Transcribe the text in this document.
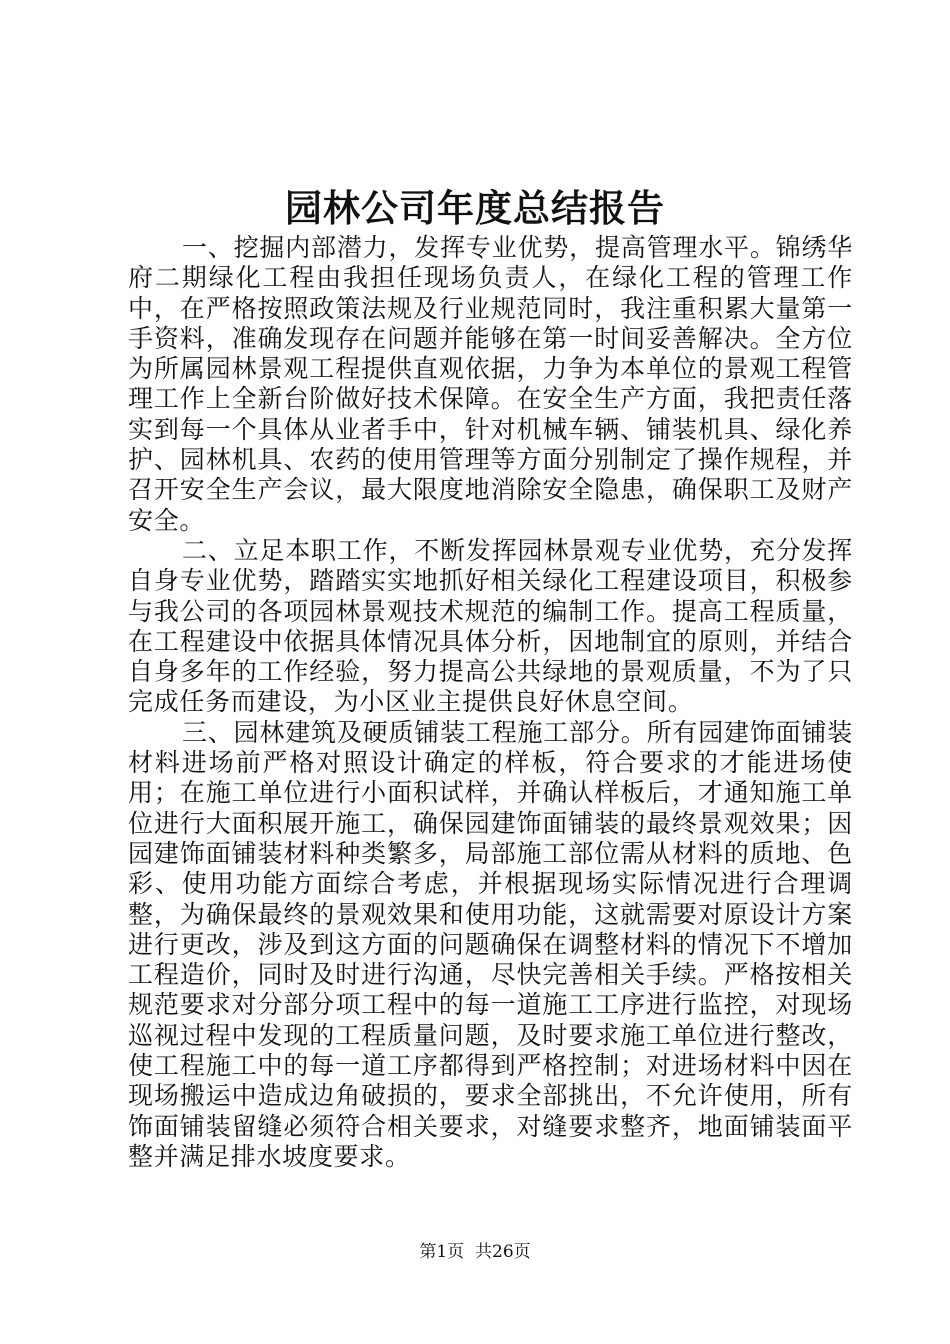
园林公司年度总结报告

一、挖掘内部潜力，发挥专业优势，提高管理水平。锦绣华府二期绿化工程由我担任现场负责人，在绿化工程的管理工作中，在严格按照政策法规及行业规范同时，我注重积累大量第一手资料，准确发现存在问题并能够在第一时间妥善解决。全方位为所属园林景观工程提供直观依据，力争为本单位的景观工程管理工作上全新台阶做好技术保障。在安全生产方面，我把责任落实到每一个具体从业者手中，针对机械车辆、铺装机具、绿化养护、园林机具、农药的使用管理等方面分别制定了操作规程，并召开安全生产会议，最大限度地消除安全隐患，确保职工及财产安全。

二、立足本职工作，不断发挥园林景观专业优势，充分发挥自身专业优势，踏踏实实地抓好相关绿化工程建设项目，积极参与我公司的各项园林景观技术规范的编制工作。提高工程质量，在工程建设中依据具体情况具体分析，因地制宜的原则，并结合自身多年的工作经验，努力提高公共绿地的景观质量，不为了只完成任务而建设，为小区业主提供良好休息空间。

三、园林建筑及硬质铺装工程施工部分。所有园建饰面铺装材料进场前严格对照设计确定的样板，符合要求的才能进场使用；在施工单位进行小面积试样，并确认样板后，才通知施工单位进行大面积展开施工，确保园建饰面铺装的最终景观效果；因园建饰面铺装材料种类繁多，局部施工部位需从材料的质地、色彩、使用功能方面综合考虑，并根据现场实际情况进行合理调整，为确保最终的景观效果和使用功能，这就需要对原设计方案进行更改，涉及到这方面的问题确保在调整材料的情况下不增加工程造价，同时及时进行沟通，尽快完善相关手续。严格按相关规范要求对分部分项工程中的每一道施工工序进行监控，对现场巡视过程中发现的工程质量问题，及时要求施工单位进行整改，使工程施工中的每一道工序都得到严格控制；对进场材料中因在现场搬运中造成边角破损的，要求全部挑出，不允许使用，所有饰面铺装留缝必须符合相关要求，对缝要求整齐，地面铺装面平整并满足排水坡度要求。

第1页 共26页
